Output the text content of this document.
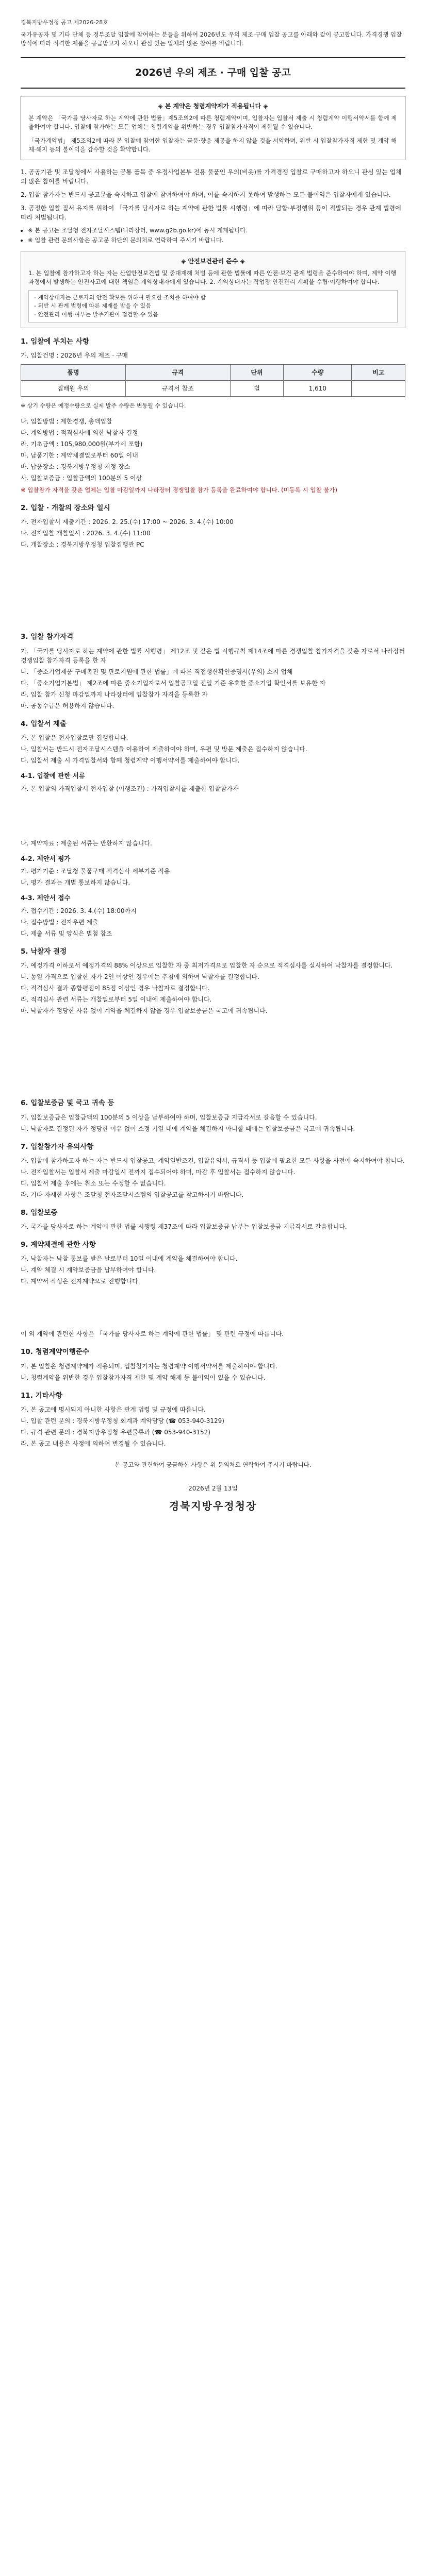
경북지방우정청 공고 제2026-28호

국가유공자 및 기타 단체 등 정부조달 입찰에 참여하는 분들을 위하여 2026년도 우의 제조·구매 입찰 공고를 아래와 같이 공고합니다. 가격경쟁 입찰 방식에 따라 적격한 제품을 공급받고자 하오니 관심 있는 업체의 많은 참여를 바랍니다.

2026년 우의 제조 · 구매 입찰 공고
◈ 본 계약은 청렴계약제가 적용됩니다 ◈

본 계약은 「국가를 당사자로 하는 계약에 관한 법률」제5조의2에 따른 청렴계약이며, 입찰자는 입찰서 제출 시 청렴계약 이행서약서를 함께 제출하여야 합니다. 입찰에 참가하는 모든 업체는 청렴계약을 위반하는 경우 입찰참가자격이 제한될 수 있습니다.

「국가계약법」 제5조의2에 따라 본 입찰에 참여한 입찰자는 금품·향응 제공을 하지 않을 것을 서약하며, 위반 시 입찰참가자격 제한 및 계약 해제·해지 등의 불이익을 감수할 것을 확약합니다.

1. 공공기관 및 조달청에서 사용하는 공통 품목 중 우정사업본부 전용 물품인 우의(비옷)를 가격경쟁 입찰로 구매하고자 하오니 관심 있는 업체의 많은 참여를 바랍니다.

2. 입찰 참가자는 반드시 공고문을 숙지하고 입찰에 참여하여야 하며, 이를 숙지하지 못하여 발생하는 모든 불이익은 입찰자에게 있습니다.

3. 공정한 입찰 질서 유지를 위하여 「국가를 당사자로 하는 계약에 관한 법률 시행령」에 따라 담합·부정행위 등이 적발되는 경우 관계 법령에 따라 처벌됩니다.

• ※ 본 공고는 조달청 전자조달시스템(나라장터, www.g2b.go.kr)에 동시 게재됩니다.
• ※ 입찰 관련 문의사항은 공고문 하단의 문의처로 연락하여 주시기 바랍니다.
◈ 안전보건관리 준수 ◈

1. 본 입찰에 참가하고자 하는 자는 산업안전보건법 및 중대재해 처벌 등에 관한 법률에 따른 안전·보건 관계 법령을 준수하여야 하며, 계약 이행 과정에서 발생하는 안전사고에 대한 책임은 계약상대자에게 있습니다. 2. 계약상대자는 작업장 안전관리 계획을 수립·이행하여야 합니다.

- 계약상대자는 근로자의 안전 확보를 위하여 필요한 조치를 하여야 함
- 위반 시 관계 법령에 따른 제재를 받을 수 있음
- 안전관리 이행 여부는 발주기관이 점검할 수 있음
1. 입찰에 부치는 사항
가. 입찰건명 : 2026년 우의 제조 · 구매
품명	규격	단위	수량	비고
집배원 우의	규격서 참조	벌	1,610	
※ 상기 수량은 예정수량으로 실제 발주 수량은 변동될 수 있습니다.
나. 입찰방법 : 제한경쟁, 총액입찰
다. 계약방법 : 적격심사에 의한 낙찰자 결정
라. 기초금액 : 105,980,000원(부가세 포함)
마. 납품기한 : 계약체결일로부터 60일 이내
바. 납품장소 : 경북지방우정청 지정 장소
사. 입찰보증금 : 입찰금액의 100분의 5 이상
※ 입찰참가 자격을 갖춘 업체는 입찰 마감일까지 나라장터 경쟁입찰 참가 등록을 완료하여야 합니다. (미등록 시 입찰 불가)
2. 입찰 · 개찰의 장소와 일시
가. 전자입찰서 제출기간 : 2026. 2. 25.(수) 17:00 ~ 2026. 3. 4.(수) 10:00
나. 전자입찰 개찰일시 : 2026. 3. 4.(수) 11:00
다. 개찰장소 : 경북지방우정청 입찰집행관 PC
3. 입찰 참가자격
가. 「국가를 당사자로 하는 계약에 관한 법률 시행령」 제12조 및 같은 법 시행규칙 제14조에 따른 경쟁입찰 참가자격을 갖춘 자로서 나라장터 경쟁입찰 참가자격 등록을 한 자
나. 「중소기업제품 구매촉진 및 판로지원에 관한 법률」에 따른 직접생산확인증명서(우의) 소지 업체
다. 「중소기업기본법」 제2조에 따른 중소기업자로서 입찰공고일 전일 기준 유효한 중소기업 확인서를 보유한 자
라. 입찰 참가 신청 마감일까지 나라장터에 입찰참가 자격을 등록한 자
마. 공동수급은 허용하지 않습니다.
4. 입찰서 제출
가. 본 입찰은 전자입찰로만 집행합니다.
나. 입찰서는 반드시 전자조달시스템을 이용하여 제출하여야 하며, 우편 및 방문 제출은 접수하지 않습니다.
다. 입찰서 제출 시 가격입찰서와 함께 청렴계약 이행서약서를 제출하여야 합니다.
4-1. 입찰에 관한 서류
가. 본 입찰의 가격입찰서 전자입찰 (이행조건) : 가격입찰서를 제출한 입찰참가자
나. 계약자료 : 제출된 서류는 반환하지 않습니다.
4-2. 제안서 평가
가. 평가기준 : 조달청 물품구매 적격심사 세부기준 적용
나. 평가 결과는 개별 통보하지 않습니다.
4-3. 제안서 접수
가. 접수기간 : 2026. 3. 4.(수) 18:00까지
나. 접수방법 : 전자우편 제출
다. 제출 서류 및 양식은 별첨 참조
5. 낙찰자 결정
가. 예정가격 이하로서 예정가격의 88% 이상으로 입찰한 자 중 최저가격으로 입찰한 자 순으로 적격심사를 실시하여 낙찰자를 결정합니다.
나. 동일 가격으로 입찰한 자가 2인 이상인 경우에는 추첨에 의하여 낙찰자를 결정합니다.
다. 적격심사 결과 종합평점이 85점 이상인 경우 낙찰자로 결정합니다.
라. 적격심사 관련 서류는 개찰일로부터 5일 이내에 제출하여야 합니다.
마. 낙찰자가 정당한 사유 없이 계약을 체결하지 않을 경우 입찰보증금은 국고에 귀속됩니다.
6. 입찰보증금 및 국고 귀속 등
가. 입찰보증금은 입찰금액의 100분의 5 이상을 납부하여야 하며, 입찰보증금 지급각서로 갈음할 수 있습니다.
나. 낙찰자로 결정된 자가 정당한 이유 없이 소정 기일 내에 계약을 체결하지 아니할 때에는 입찰보증금은 국고에 귀속됩니다.
7. 입찰참가자 유의사항
가. 입찰에 참가하고자 하는 자는 반드시 입찰공고, 계약일반조건, 입찰유의서, 규격서 등 입찰에 필요한 모든 사항을 사전에 숙지하여야 합니다.
나. 전자입찰서는 입찰서 제출 마감일시 전까지 접수되어야 하며, 마감 후 입찰서는 접수하지 않습니다.
다. 입찰서 제출 후에는 취소 또는 수정할 수 없습니다.
라. 기타 자세한 사항은 조달청 전자조달시스템의 입찰공고를 참고하시기 바랍니다.
8. 입찰보증
가. 국가를 당사자로 하는 계약에 관한 법률 시행령 제37조에 따라 입찰보증금 납부는 입찰보증금 지급각서로 갈음합니다.
9. 계약체결에 관한 사항
가. 낙찰자는 낙찰 통보를 받은 날로부터 10일 이내에 계약을 체결하여야 합니다.
나. 계약 체결 시 계약보증금을 납부하여야 합니다.
다. 계약서 작성은 전자계약으로 진행합니다.
이 외 계약에 관련한 사항은 「국가를 당사자로 하는 계약에 관한 법률」 및 관련 규정에 따릅니다.
10. 청렴계약이행준수
가. 본 입찰은 청렴계약제가 적용되며, 입찰참가자는 청렴계약 이행서약서를 제출하여야 합니다.
나. 청렴계약을 위반한 경우 입찰참가자격 제한 및 계약 해제 등 불이익이 있을 수 있습니다.
11. 기타사항
가. 본 공고에 명시되지 아니한 사항은 관계 법령 및 규정에 따릅니다.
나. 입찰 관련 문의 : 경북지방우정청 회계과 계약담당 (☎ 053-940-3129)
다. 규격 관련 문의 : 경북지방우정청 우편물류과 (☎ 053-940-3152)
라. 본 공고 내용은 사정에 의하여 변경될 수 있습니다.
본 공고와 관련하여 궁금하신 사항은 위 문의처로 연락하여 주시기 바랍니다.
2026년 2월 13일
경북지방우정청장
